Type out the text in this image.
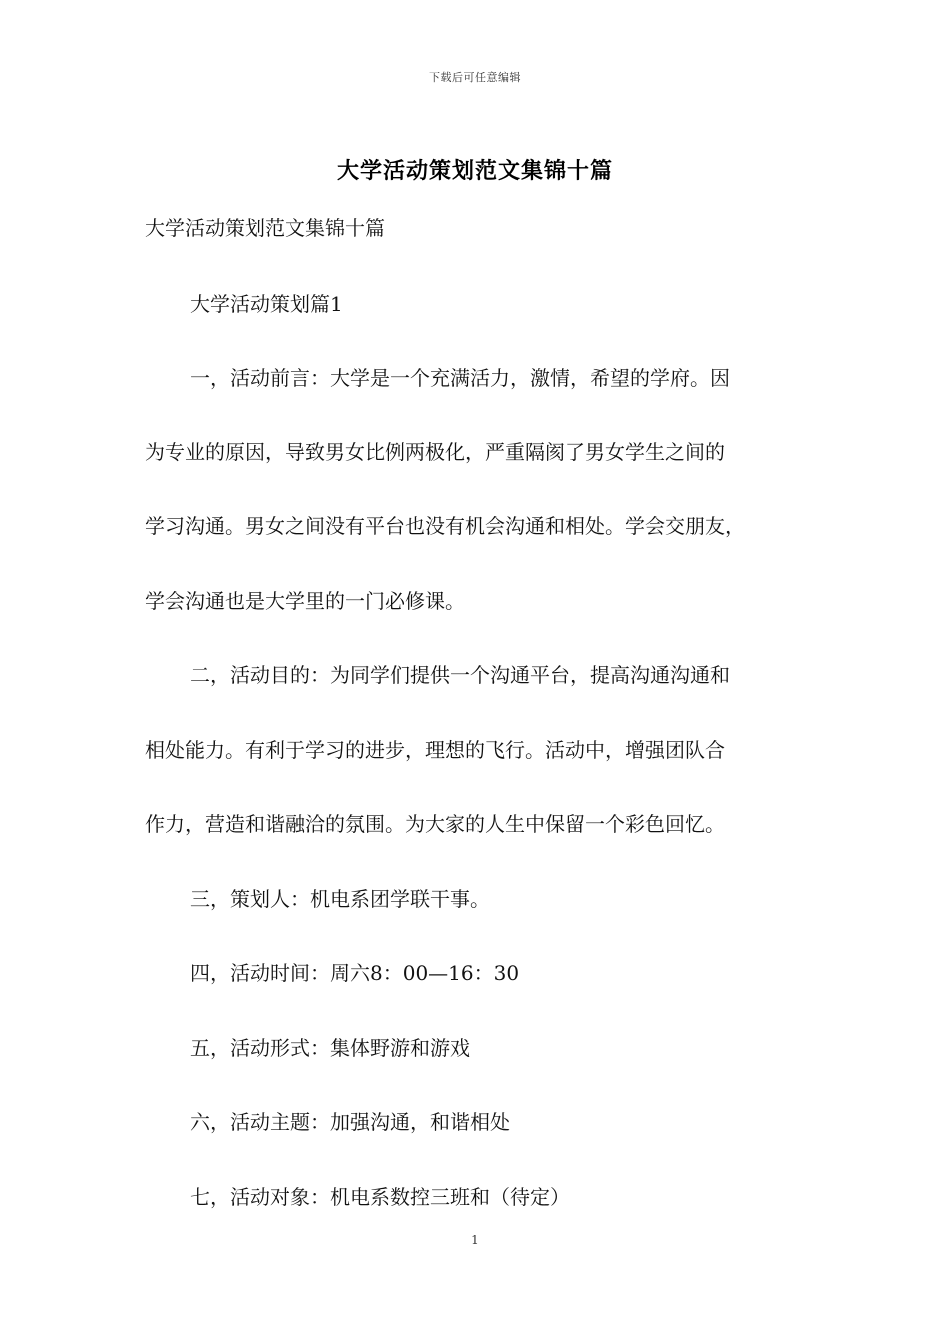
下载后可任意编辑
大学活动策划范文集锦十篇
大学活动策划范文集锦十篇
大学活动策划篇1
一，活动前言：大学是一个充满活力，激情，希望的学府。因
为专业的原因，导致男女比例两极化，严重隔阂了男女学生之间的
学习沟通。男女之间没有平台也没有机会沟通和相处。学会交朋友，
学会沟通也是大学里的一门必修课。
二，活动目的：为同学们提供一个沟通平台，提高沟通沟通和
相处能力。有利于学习的进步，理想的飞行。活动中，增强团队合
作力，营造和谐融洽的氛围。为大家的人生中保留一个彩色回忆。
三，策划人：机电系团学联干事。
四，活动时间：周六8：00—16：30
五，活动形式：集体野游和游戏
六，活动主题：加强沟通，和谐相处
七，活动对象：机电系数控三班和（待定）
1
